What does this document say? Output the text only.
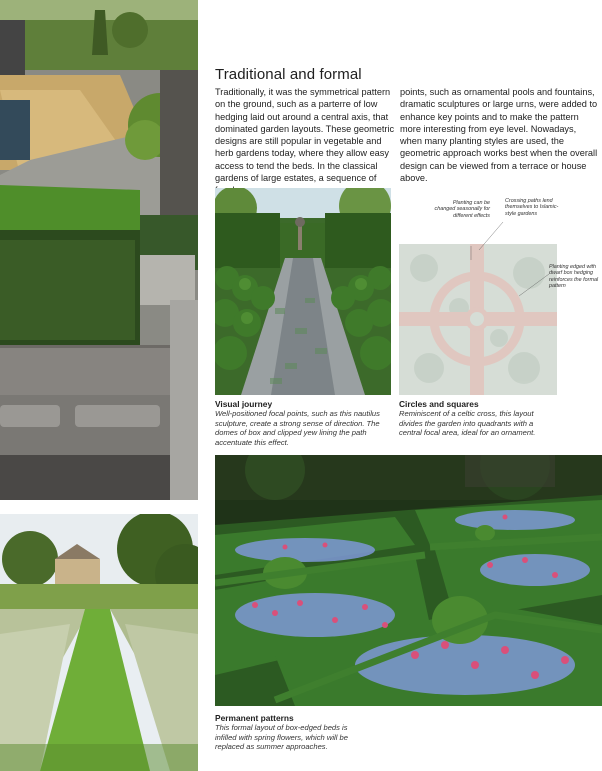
Traditional and formal

Traditionally, it was the symmetrical pattern on the ground, such as a parterre of low hedging laid out around a central axis, that dominated garden layouts. These geometric designs are still popular in vegetable and herb gardens today, where they allow easy access to tend the beds. In the classical gardens of large estates, a sequence of

points, such as ornamental pools and fountains, dramatic sculptures or large urns, were added to enhance key points and to make the pattern more interesting from eye level. Nowadays, when many planting styles are used, the geometric approach works best when the overall design can be viewed from a terrace or house above.

Planting can be changed seasonally for different effects
Crossing paths lend themselves to Islamic-style gardens
Planting edged with dwarf box hedging reinforces the formal pattern

Visual journey

Well-positioned focal points, such as this nautilus sculpture, create a strong sense of direction. The domes of box and clipped yew lining the path accentuate this effect.

Circles and squares

Reminiscent of a celtic cross, this layout divides the garden into quadrants with a central focal area, ideal for an ornament.

Permanent patterns

This formal layout of box-edged beds is infilled with spring flowers, which will be replaced as summer approaches.
